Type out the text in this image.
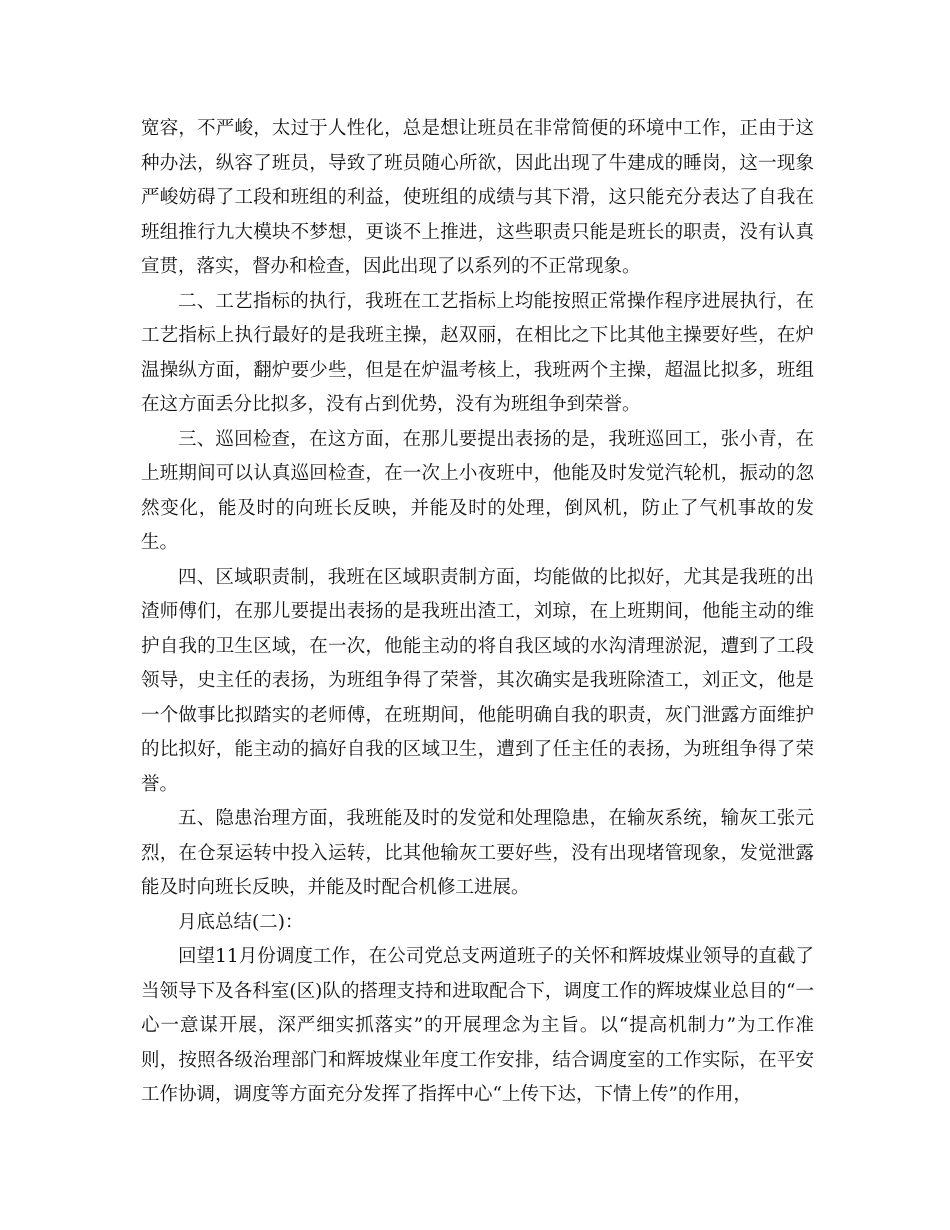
宽容，不严峻，太过于人性化，总是想让班员在非常简便的环境中工作，正由于这种办法，纵容了班员，导致了班员随心所欲，因此出现了牛建成的睡岗，这一现象严峻妨碍了工段和班组的利益，使班组的成绩与其下滑，这只能充分表达了自我在班组推行九大模块不梦想，更谈不上推进，这些职责只能是班长的职责，没有认真宣贯，落实，督办和检查，因此出现了以系列的不正常现象。

二、工艺指标的执行，我班在工艺指标上均能按照正常操作程序进展执行，在工艺指标上执行最好的是我班主操，赵双丽，在相比之下比其他主操要好些，在炉温操纵方面，翻炉要少些，但是在炉温考核上，我班两个主操，超温比拟多，班组在这方面丢分比拟多，没有占到优势，没有为班组争到荣誉。

三、巡回检查，在这方面，在那儿要提出表扬的是，我班巡回工，张小青，在上班期间可以认真巡回检查，在一次上小夜班中，他能及时发觉汽轮机，振动的忽然变化，能及时的向班长反映，并能及时的处理，倒风机，防止了气机事故的发生。

四、区域职责制，我班在区域职责制方面，均能做的比拟好，尤其是我班的出渣师傅们，在那儿要提出表扬的是我班出渣工，刘琼，在上班期间，他能主动的维护自我的卫生区域，在一次，他能主动的将自我区域的水沟清理淤泥，遭到了工段领导，史主任的表扬，为班组争得了荣誉，其次确实是我班除渣工，刘正文，他是一个做事比拟踏实的老师傅，在班期间，他能明确自我的职责，灰门泄露方面维护的比拟好，能主动的搞好自我的区域卫生，遭到了任主任的表扬，为班组争得了荣誉。

五、隐患治理方面，我班能及时的发觉和处理隐患，在输灰系统，输灰工张元烈，在仓泵运转中投入运转，比其他输灰工要好些，没有出现堵管现象，发觉泄露能及时向班长反映，并能及时配合机修工进展。

月底总结(二)：

回望11月份调度工作，在公司党总支两道班子的关怀和辉坡煤业领导的直截了当领导下及各科室(区)队的搭理支持和进取配合下，调度工作的辉坡煤业总目的“一心一意谋开展，深严细实抓落实”的开展理念为主旨。以“提高机制力”为工作准则，按照各级治理部门和辉坡煤业年度工作安排，结合调度室的工作实际，在平安工作协调，调度等方面充分发挥了指挥中心“上传下达，下情上传”的作用，
